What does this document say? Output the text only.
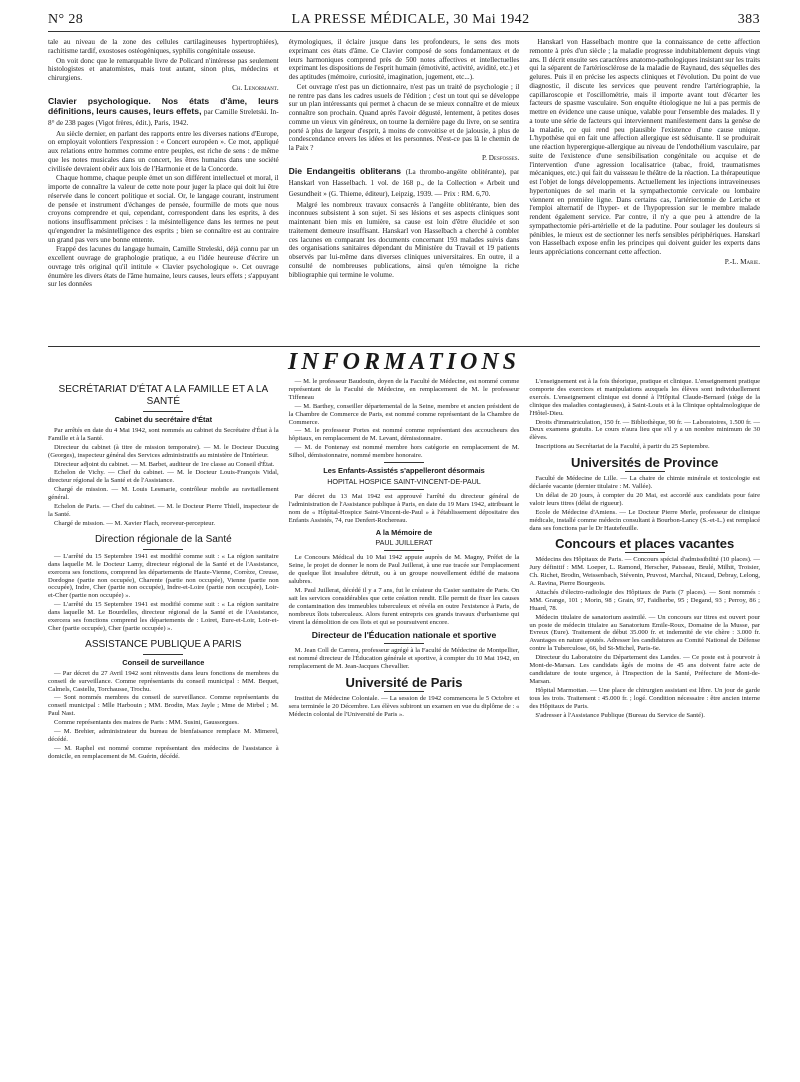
N° 28	LA PRESSE MÉDICALE, 30 Mai 1942	383

tale au niveau de la zone des cellules cartilagineuses hypertrophiées), rachitisme tardif, exostoses ostéogéniques, syphilis congénitale osseuse.

On voit donc que le remarquable livre de Policard n'intéresse pas seulement histologistes et anatomistes, mais tout autant, sinon plus, médecins et chirurgiens.

Ch. Lenormant.

Clavier psychologique. Nos états d'âme, leurs définitions, leurs causes, leurs effets, par Camille Streletski. In-8° de 238 pages (Vigot frères, édit.), Paris, 1942.

Au siècle dernier, en parlant des rapports entre les diverses nations d'Europe, on employait volontiers l'expression : « Concert européen ». Ce mot, appliqué aux relations entre hommes comme entre peuples, est riche de sens : de même que les notes musicales dans un concert, les êtres humains dans une société civilisée devraient obéir aux lois de l'Harmonie et de la Concorde.

Chaque homme, chaque peuple émet un son différent intellectuel et moral, il importe de connaître la valeur de cette note pour juger la place qui doit lui être réservée dans le concert politique et social. Or, le langage courant, instrument de pensée et instrument d'échanges de pensée, fourmille de mots que nous croyons comprendre et qui, cependant, correspondent dans les esprits, à des notions insuffisamment précises : la mésintelligence dans les termes ne peut qu'engendrer la mésintelligence des esprits ; bien se connaître est au contraire un grand pas vers une bonne entente.

Frappé des lacunes du langage humain, Camille Streleski, déjà connu par un excellent ouvrage de graphologie pratique, a eu l'idée heureuse d'écrire un ouvrage très original qu'il intitule « Clavier psychologique ». Cet ouvrage énumère les divers états de l'âme humaine, leurs causes, leurs effets ; s'appuyant sur les données

étymologiques, il éclaire jusque dans les profondeurs, le sens des mots exprimant ces états d'âme. Ce Clavier composé de sons fondamentaux et de leurs harmoniques comprend près de 500 notes affectives et intellectuelles exprimant les dispositions de l'esprit humain (émotivité, activité, avidité, etc.) et des aptitudes (mémoire, curiosité, imagination, jugement, etc...).

Cet ouvrage n'est pas un dictionnaire, n'est pas un traité de psychologie ; il ne rentre pas dans les cadres usuels de l'édition ; c'est un tout qui se développe sur un plan intéressants qui permet à chacun de se mieux connaître et de mieux connaître son prochain. Quand après l'avoir dégusté, lentement, à petites doses comme un vieux vin généreux, on tourne la dernière page du livre, on se sentira porté à plus de largeur d'esprit, à moins de convoitise et de jalousie, à plus de condescendance envers les idées et les personnes. N'est-ce pas là le chemin de la Paix ?

P. Desfosses.

Die Endangeitis obliterans (La thrombo-angéite oblitérante), par Hanskarl von Hasselbach. 1 vol. de 168 p., de la Collection « Arbeit und Gesundheit » (G. Thieme, éditeur), Leipzig, 1939. — Prix : RM. 6,70.

Malgré les nombreux travaux consacrés à l'angéite oblitérante, bien des inconnues subsistent à son sujet. Si ses lésions et ses aspects cliniques sont maintenant bien mis en lumière, sa cause est loin d'être élucidée et son traitement demeure insuffisant. Hanskarl von Hasselbach a cherché à combler ces lacunes en comparant les documents concernant 193 malades suivis dans des organisations sanitaires dépendant du Ministère du Travail et 19 patients observés par lui-même dans diverses cliniques universitaires. En outre, il a consulté de nombreuses publications, ainsi qu'en témoigne la riche bibliographie qui termine le volume.

Hanskarl von Hasselbach montre que la connaissance de cette affection remonte à près d'un siècle ; la maladie progresse indubitablement depuis vingt ans. Il décrit ensuite ses caractères anatomo-pathologiques insistant sur les traits qui la séparent de l'artériosclérose de la maladie de Raynaud, des séquelles des gelures. Puis il en précise les aspects cliniques et l'évolution. Du point de vue diagnostic, il discute les services que peuvent rendre l'artériographie, la capillaroscopie et l'oscillométrie, mais il importe avant tout d'écarter les facteurs de spasme vasculaire. Son enquête étiologique ne lui a pas permis de mettre en évidence une cause unique, valable pour l'ensemble des malades. Il y a toute une série de facteurs qui interviennent manifestement dans la genèse de la maladie, ce qui rend peu plausible l'existence d'une cause unique. L'hypothèse qui en fait une affection allergique est séduisante. Il se produirait une réaction hyperergique-allergique au niveau de l'endothélium vasculaire, par suite de l'existence d'une sensibilisation congénitale ou acquise et de l'intervention d'une agression localisatrice (tabac, froid, traumatismes mécaniques, etc.) qui fait du vaisseau le théâtre de la réaction. La thérapeutique est l'objet de longs développements. Actuellement les injections intraveineuses hypertoniques de sel marin et la sympathectomie cervicale ou lombaire viennent en première ligne. Dans certains cas, l'artériectomie de Leriche et l'emploi alternatif de l'hyper- et de l'hypopression sur le membre malade rendent également service. Par contre, il n'y a que peu à attendre de la sympathectomie péri-artérielle et de la padutine. Pour soulager les douleurs si pénibles, le mieux est de sectionner les nerfs sensibles périphériques. Hanskarl von Hasselbach expose enfin les principes qui doivent guider les experts dans leurs appréciations concernant cette affection.

P.-L. Marie.

INFORMATIONS
SECRÉTARIAT D'ÉTAT A LA FAMILLE ET A LA SANTÉ
Cabinet du secrétaire d'État

Par arrêtés en date du 4 Mai 1942, sont nommés au cabinet du Secrétaire d'État à la Famille et à la Santé.

Directeur du cabinet (à titre de mission temporaire). — M. le Docteur Ducuing (Georges), inspecteur général des Services administratifs au ministère de l'Intérieur.

Directeur adjoint du cabinet. — M. Barbet, auditeur de 1re classe au Conseil d'État.

Echelon de Vichy. — Chef du cabinet. — M. le Docteur Louis-François Vidal, directeur régional de la Santé et de l'Assistance.

Chargé de mission. — M. Louis Lesmarie, contrôleur mobile au ravitaillement général.

Echelon de Paris. — Chef du cabinet. — M. le Docteur Pierre Thiell, inspecteur de la Santé.

Chargé de mission. — M. Xavier Flach, receveur-percepteur.

Direction régionale de la Santé

— L'arrêté du 15 Septembre 1941 est modifié comme suit : « La région sanitaire dans laquelle M. le Docteur Lamy, directeur régional de la Santé et de l'Assistance, exercera ses fonctions, comprend les départements de Haute-Vienne, Corrèze, Creuse, Dordogne (partie non occupée), Charente (partie non occupée), Vienne (partie non occupée), Indre, Cher (partie non occupée), Indre-et-Loire (partie non occupée), Loir-et-Cher (partie non occupée) ».

— L'arrêté du 15 Septembre 1941 est modifié comme suit : « La région sanitaire dans laquelle M. Le Bourdelles, directeur régional de la Santé et de l'Assistance, exercera ses fonctions comprend les départements de : Loiret, Eure-et-Loir, Loir-et-Cher (partie occupée), Cher (partie occupée) ».

ASSISTANCE PUBLIQUE A PARIS
Conseil de surveillance

— Par décret du 27 Avril 1942 sont réinvestis dans leurs fonctions de membres du conseil de surveillance. Comme représentants du conseil municipal : MM. Bequet, Calmels, Castellu, Torchausse, Trochu.

— Sont nommés membres du conseil de surveillance. Comme représentants du conseil municipal : Mlle Harbouin ; MM. Brodin, Max Jayle ; Mme de Mirbel ; M. Paul Nast.

Comme représentants des maires de Paris : MM. Susini, Gaussorgues.

— M. Brehier, administrateur du bureau de bienfaisance remplace M. Mimerel, décédé.

— M. Raphel est nommé comme représentant des médecins de l'assistance à domicile, en remplacement de M. Guérin, décédé.

— M. le professeur Baudouin, doyen de la Faculté de Médecine, est nommé comme représentant de la Faculté de Médecine, en remplacement de M. le professeur Tiffeneau

— M. Barthey, conseiller départemental de la Seine, membre et ancien président de la Chambre de Commerce de Paris, est nommé comme représentant de la Chambre de Commerce.

— M. le professeur Portes est nommé comme représentant des accoucheurs des hôpitaux, en remplacement de M. Levant, démissionnaire.

— M. de Fontenay est nommé membre hors catégorie en remplacement de M. Silhol, démissionnaire, nommé membre honoraire.

Les Enfants-Assistés s'appelleront désormais
HOPITAL HOSPICE SAINT-VINCENT-DE-PAUL

Par décret du 13 Mai 1942 est approuvé l'arrêté du directeur général de l'administration de l'Assistance publique à Paris, en date du 19 Mars 1942, attribuant le nom de « Hôpital-Hospice Saint-Vincent-de-Paul » à l'établissement dépositaire des Enfants Assistés, 74, rue Denfert-Rochereau.

A la Mémoire de
PAUL JUILLERAT

Le Concours Médical du 10 Mai 1942 appuie auprès de M. Magny, Préfet de la Seine, le projet de donner le nom de Paul Juillerat, à une rue tracée sur l'emplacement de quelque îlot insalubre détruit, ou à un groupe nouvellement édifié de maisons salubres.

M. Paul Juillerat, décédé il y a 7 ans, fut le créateur du Casier sanitaire de Paris. On sait les services considérables que cette création rendit. Elle permit de fixer les causes de contamination des immeubles tuberculeux et révéla en outre l'existence à Paris, de nombreux îlots tuberculeux. Alors furent entrepris ces grands travaux d'urbanisme qui virent la démolition de ces îlots et qui se poursuivent encore.

Directeur de l'Éducation nationale et sportive

M. Jean Coll de Carrera, professeur agrégé à la Faculté de Médecine de Montpellier, est nommé directeur de l'Éducation générale et sportive, à compter du 10 Mai 1942, en remplacement de M. Jean-Jacques Chevallier.

Université de Paris

Institut de Médecine Coloniale. — La session de 1942 commencera le 5 Octobre et sera terminée le 20 Décembre. Les élèves subiront un examen en vue du diplôme de : « Médecin colonial de l'Université de Paris ».

L'enseignement est à la fois théorique, pratique et clinique. L'enseignement pratique comporte des exercices et manipulations auxquels les élèves sont individuellement exercés. L'enseignement clinique est donné à l'Hôpital Claude-Bernard (siège de la clinique des maladies contagieuses), à Saint-Louis et à la Clinique ophtalmologique de l'Hôtel-Dieu.

Droits d'immatriculation, 150 fr. — Bibliothèque, 90 fr. — Laboratoires, 1.500 fr. — Deux examens gratuits. Le cours n'aura lieu que s'il y a un nombre minimum de 30 élèves.

Inscriptions au Secrétariat de la Faculté, à partir du 25 Septembre.

Universités de Province

Faculté de Médecine de Lille. — La chaire de chimie minérale et toxicologie est déclarée vacante (dernier titulaire : M. Vallée).

Un délai de 20 jours, à compter du 20 Mai, est accordé aux candidats pour faire valoir leurs titres (délai de rigueur).

Ecole de Médecine d'Amiens. — Le Docteur Pierre Merle, professeur de clinique médicale, installé comme médecin consultant à Bourbon-Lancy (S.-et-L.) est remplacé dans ses fonctions par le Dr Hautefeuille.

Concours et places vacantes

Médecins des Hôpitaux de Paris. — Concours spécial d'admissibilité (10 places). — Jury définitif : MM. Loeper, L. Ramond, Herscher, Paisseau, Brulé, Milhit, Troisier, Ch. Richet, Brodin, Weissenbach, Stévenin, Pruvost, Marchal, Nicaud, Debray, Lelong, A. Ravina, Pierre Bourgeois.

Attachés d'électro-radiologie des Hôpitaux de Paris (7 places). — Sont nommés : MM. Grange, 101 ; Morin, 98 ; Grain, 97, Faidherbe, 95 ; Degand, 93 ; Perroy, 86 ; Huard, 78.

Médecin titulaire de sanatorium assimilé. — Un concours sur titres est ouvert pour un poste de médecin titulaire au Sanatorium Emile-Roux, Domaine de la Musse, par Evreux (Eure). Traitement de début 35.000 fr. et indemnité de vie chère : 3.000 fr. Avantages en nature ajoutés. Adresser les candidatures au Comité National de Défense contre la Tuberculose, 66, bd St-Michel, Paris-6e.

Directeur du Laboratoire du Département des Landes. — Ce poste est à pourvoir à Mont-de-Marsan. Les candidats âgés de moins de 45 ans doivent faire acte de candidature de toute urgence, à l'Inspection de la Santé, Préfecture de Mont-de-Marsan.

Hôpital Marmottan. — Une place de chirurgien assistant est libre. Un jour de garde tous les trois. Traitement : 45.000 fr. ; logé. Condition nécessaire : être ancien interne des Hôpitaux de Paris.

S'adresser à l'Assistance Publique (Bureau du Service de Santé).
